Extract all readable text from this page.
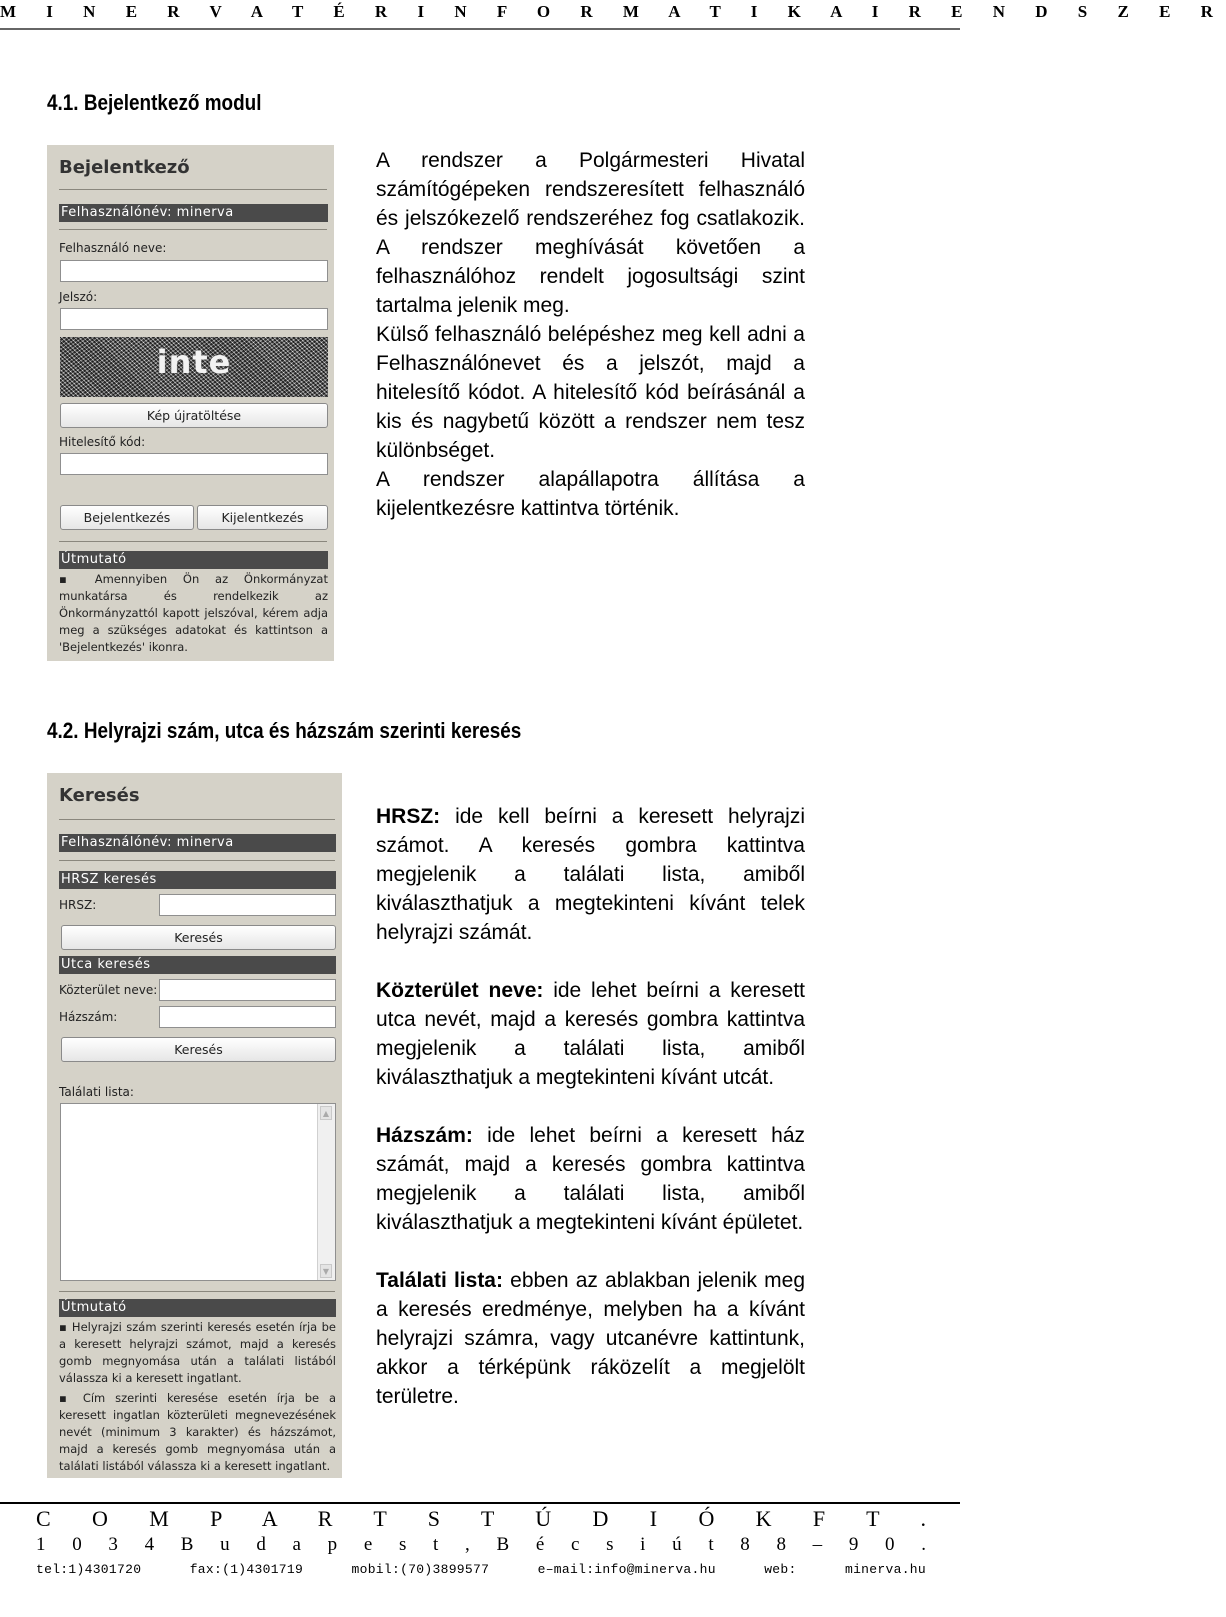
M I N E R V A T É R I N F O R M A T I K A I R E N D S Z E R
4.1. Bejelentkező modul
Bejelentkező
Felhasználónév: minerva
Felhasználó neve:
Jelszó:
inte
Kép újratöltése
Hitelesítő kód:
Bejelentkezés	Kijelentkezés
Útmutató

▪ Amennyiben Ön az Önkormányzat munkatársa és rendelkezik az Önkormányzattól kapott jelszóval, kérem adja meg a szükséges adatokat és kattintson a 'Bejelentkezés' ikonra.

A rendszer a Polgármesteri Hivatal számítógépeken rendszeresített felhasználó és jelszókezelő rendszeréhez fog csatlakozik. A rendszer meghívását követően a felhasználóhoz rendelt jogosultsági szint tartalma jelenik meg.

Külső felhasználó belépéshez meg kell adni a Felhasználónevet és a jelszót, majd a hitelesítő kódot. A hitelesítő kód beírásánál a kis és nagybetű között a rendszer nem tesz különbséget.

A rendszer alapállapotra állítása a kijelentkezésre kattintva történik.

4.2. Helyrajzi szám, utca és házszám szerinti keresés
Keresés
Felhasználónév: minerva
HRSZ keresés
HRSZ:
Keresés
Utca keresés
Közterület neve:
Házszám:
Keresés
Találati lista:
▲
▼
Útmutató

▪ Helyrajzi szám szerinti keresés esetén írja be a keresett helyrajzi számot, majd a keresés gomb megnyomása után a találati listából válassza ki a keresett ingatlant.

▪ Cím szerinti keresése esetén írja be a keresett ingatlan közterületi megnevezésének nevét (minimum 3 karakter) és házszámot, majd a keresés gomb megnyomása után a találati listából válassza ki a keresett ingatlant.

HRSZ: ide kell beírni a keresett helyrajzi számot. A keresés gombra kattintva megjelenik a találati lista, amiből kiválaszthatjuk a megtekinteni kívánt telek helyrajzi számát.

Közterület neve: ide lehet beírni a keresett utca nevét, majd a keresés gombra kattintva megjelenik a találati lista, amiből kiválaszthatjuk a megtekinteni kívánt utcát.

Házszám: ide lehet beírni a keresett ház számát, majd a keresés gombra kattintva megjelenik a találati lista, amiből kiválaszthatjuk a megtekinteni kívánt épületet.

Találati lista: ebben az ablakban jelenik meg a keresés eredménye, melyben ha a kívánt helyrajzi számra, vagy utcanévre kattintunk, akkor a térképünk ráközelít a megjelölt területre.

C O M P A R T S T Ú D I Ó K F T .
1 0 3 4 B u d a p e s t , B é c s i ú t 8 8 – 9 0 .
tel:1)4301720 fax:(1)4301719 mobil:(70)3899577 e–mail:info@minerva.hu web: minerva.hu
